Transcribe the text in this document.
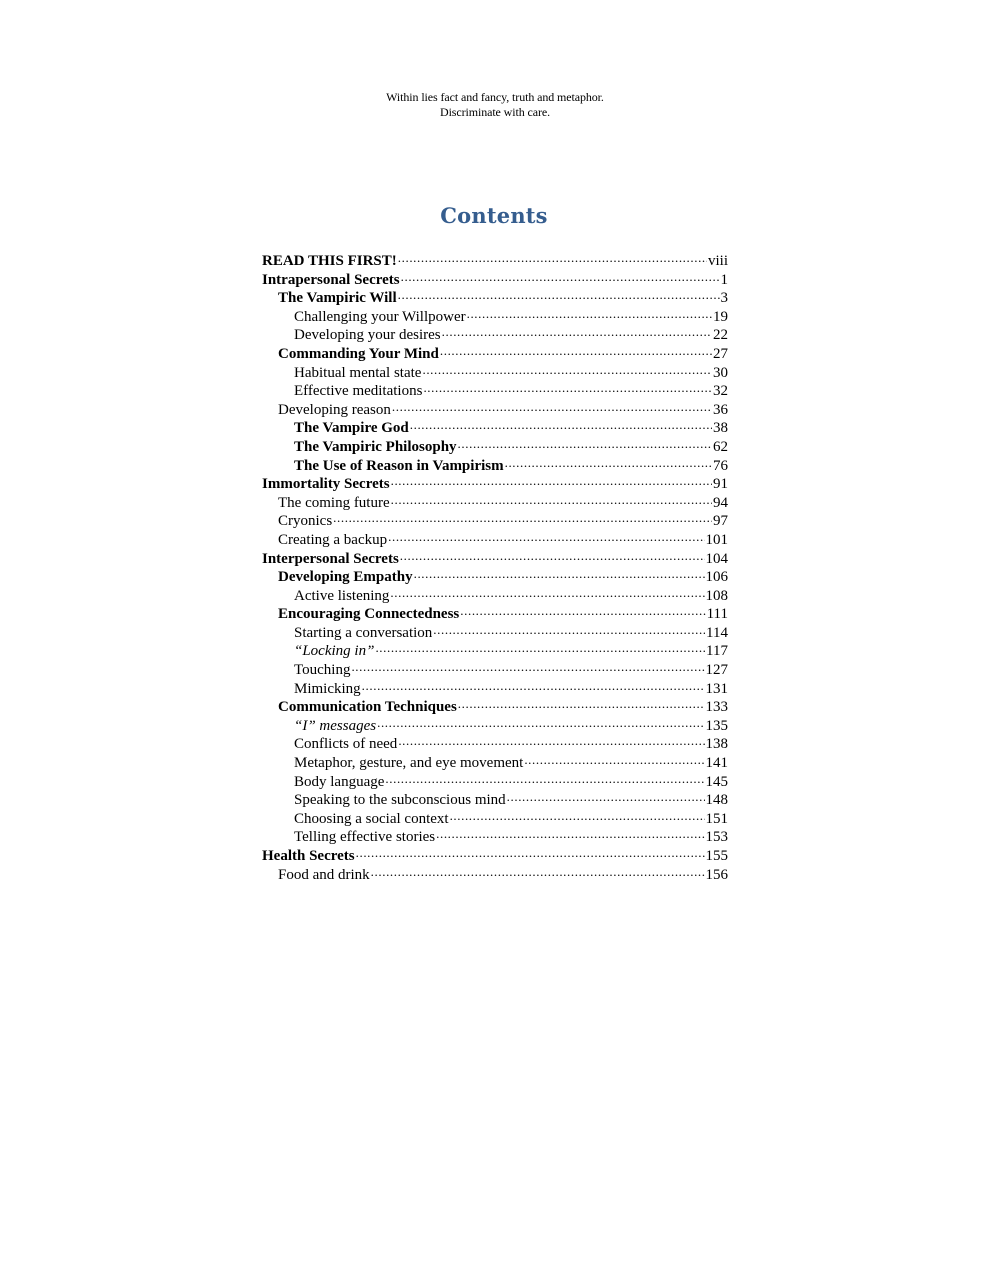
Within lies fact and fancy, truth and metaphor.
Discriminate with care.
Contents
READ THIS FIRST! .....	viii
Intrapersonal Secrets .....	1
The Vampiric Will .....	3
Challenging your Willpower .....	19
Developing your desires .....	22
Commanding Your Mind .....	27
Habitual mental state .....	30
Effective meditations .....	32
Developing reason .....	36
The Vampire God .....	38
The Vampiric Philosophy .....	62
The Use of Reason in Vampirism .....	76
Immortality Secrets .....	91
The coming future .....	94
Cryonics .....	97
Creating a backup .....	101
Interpersonal Secrets .....	104
Developing Empathy .....	106
Active listening .....	108
Encouraging Connectedness .....	111
Starting a conversation .....	114
“Locking in” .....	117
Touching .....	127
Mimicking .....	131
Communication Techniques .....	133
“I” messages .....	135
Conflicts of need .....	138
Metaphor, gesture, and eye movement .....	141
Body language .....	145
Speaking to the subconscious mind .....	148
Choosing a social context .....	151
Telling effective stories .....	153
Health Secrets .....	155
Food and drink .....	156
